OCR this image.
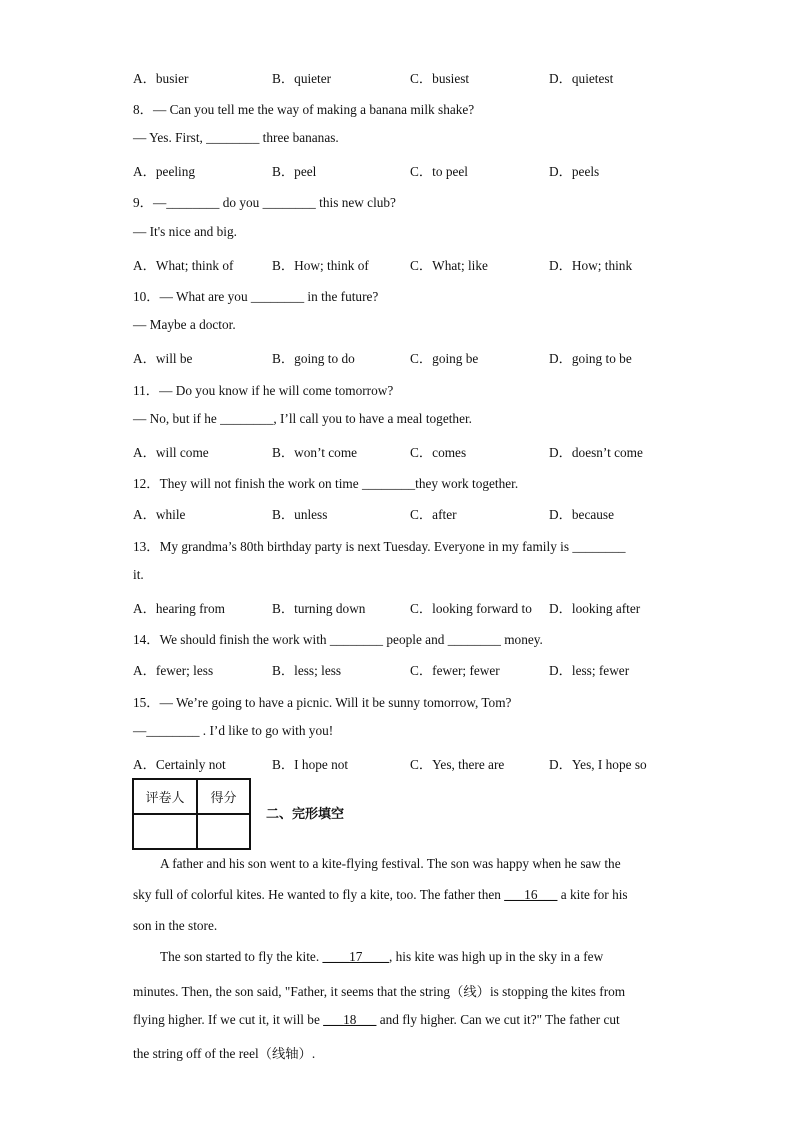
A．busier	B．quieter	C．busiest	D．quietest
8．— Can you tell me the way of making a banana milk shake?
— Yes. First, ________ three bananas.
A．peeling	B．peel	C．to peel	D．peels
9．—________ do you ________ this new club?
— It's nice and big.
A．What; think of	B．How; think of	C．What; like	D．How; think
10．— What are you ________ in the future?
— Maybe a doctor.
A．will be	B．going to do	C．going be	D．going to be
11．— Do you know if he will come tomorrow?
— No, but if he ________, I’ll call you to have a meal together.
A．will come	B．won’t come	C．comes	D．doesn’t come
12．They will not finish the work on time ________they work together.
A．while	B．unless	C．after	D．because
13．My grandma’s 80th birthday party is next Tuesday. Everyone in my family is ________
it.
A．hearing from	B．turning down	C．looking forward to D．looking after
14．We should finish the work with ________ people and ________ money.
A．fewer; less	B．less; less	C．fewer; fewer	D．less; fewer
15．— We’re going to have a picnic. Will it be sunny tomorrow, Tom?
—________ . I’d like to go with you!
A．Certainly not	B．I hope not	C．Yes, there are	D．Yes, I hope so
评卷人	得分

二、完形填空
A father and his son went to a kite-flying festival. The son was happy when he saw the
sky full of colorful kites. He wanted to fly a kite, too. The father then ___16___ a kite for his
son in the store.
The son started to fly the kite. ____17____, his kite was high up in the sky in a few
minutes. Then, the son said, "Father, it seems that the string（线）is stopping the kites from
flying higher. If we cut it, it will be ___18___ and fly higher. Can we cut it?" The father cut
the string off of the reel（线轴）.
